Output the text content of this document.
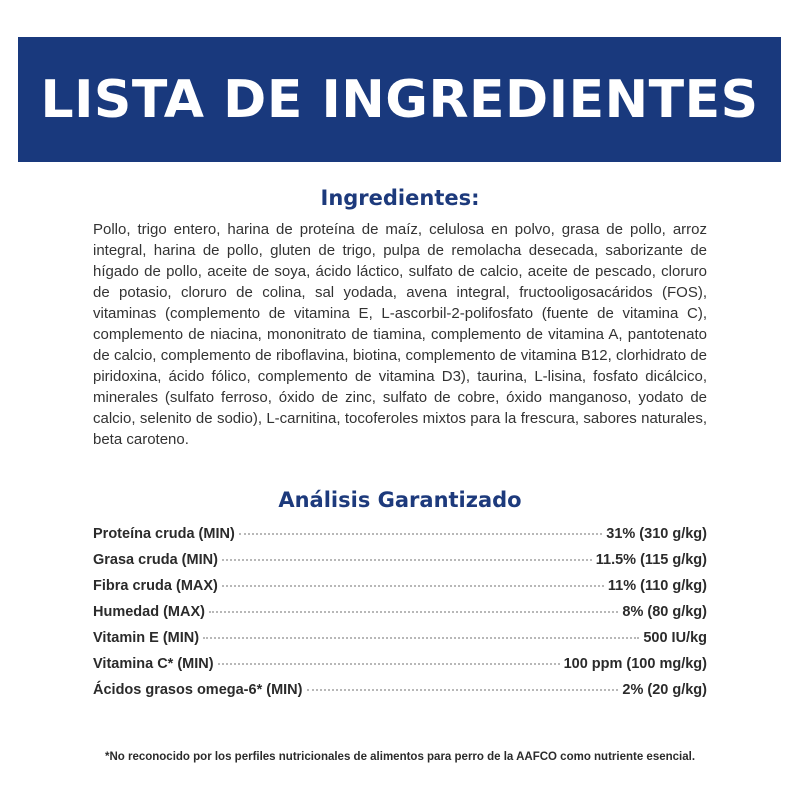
LISTA DE INGREDIENTES
Ingredientes:

Pollo, trigo entero, harina de proteína de maíz, celulosa en polvo, grasa de pollo, arroz integral, harina de pollo, gluten de trigo, pulpa de remolacha desecada, saborizante de hígado de pollo, aceite de soya, ácido láctico, sulfato de calcio, aceite de pescado, cloruro de potasio, cloruro de colina, sal yodada, avena integral, fructooligosacáridos (FOS), vitaminas (complemento de vitamina E, L-ascorbil-2-polifosfato (fuente de vitamina C), complemento de niacina, mononitrato de tiamina, complemento de vitamina A, pantotenato de calcio, complemento de riboflavina, biotina, complemento de vitamina B12, clorhidrato de piridoxina, ácido fólico, complemento de vitamina D3), taurina, L-lisina, fosfato dicálcico, minerales (sulfato ferroso, óxido de zinc, sulfato de cobre, óxido manganoso, yodato de calcio, selenito de sodio), L-carnitina, tocoferoles mixtos para la frescura, sabores naturales, beta caroteno.

Análisis Garantizado
Proteína cruda (MIN)	31% (310 g/kg)
Grasa cruda (MIN)	11.5% (115 g/kg)
Fibra cruda (MAX)	11% (110 g/kg)
Humedad (MAX)	8% (80 g/kg)
Vitamin E (MIN)	500 IU/kg
Vitamina C* (MIN)	100 ppm (100 mg/kg)
Ácidos grasos omega-6* (MIN)	2% (20 g/kg)

*No reconocido por los perfiles nutricionales de alimentos para perro de la AAFCO como nutriente esencial.
